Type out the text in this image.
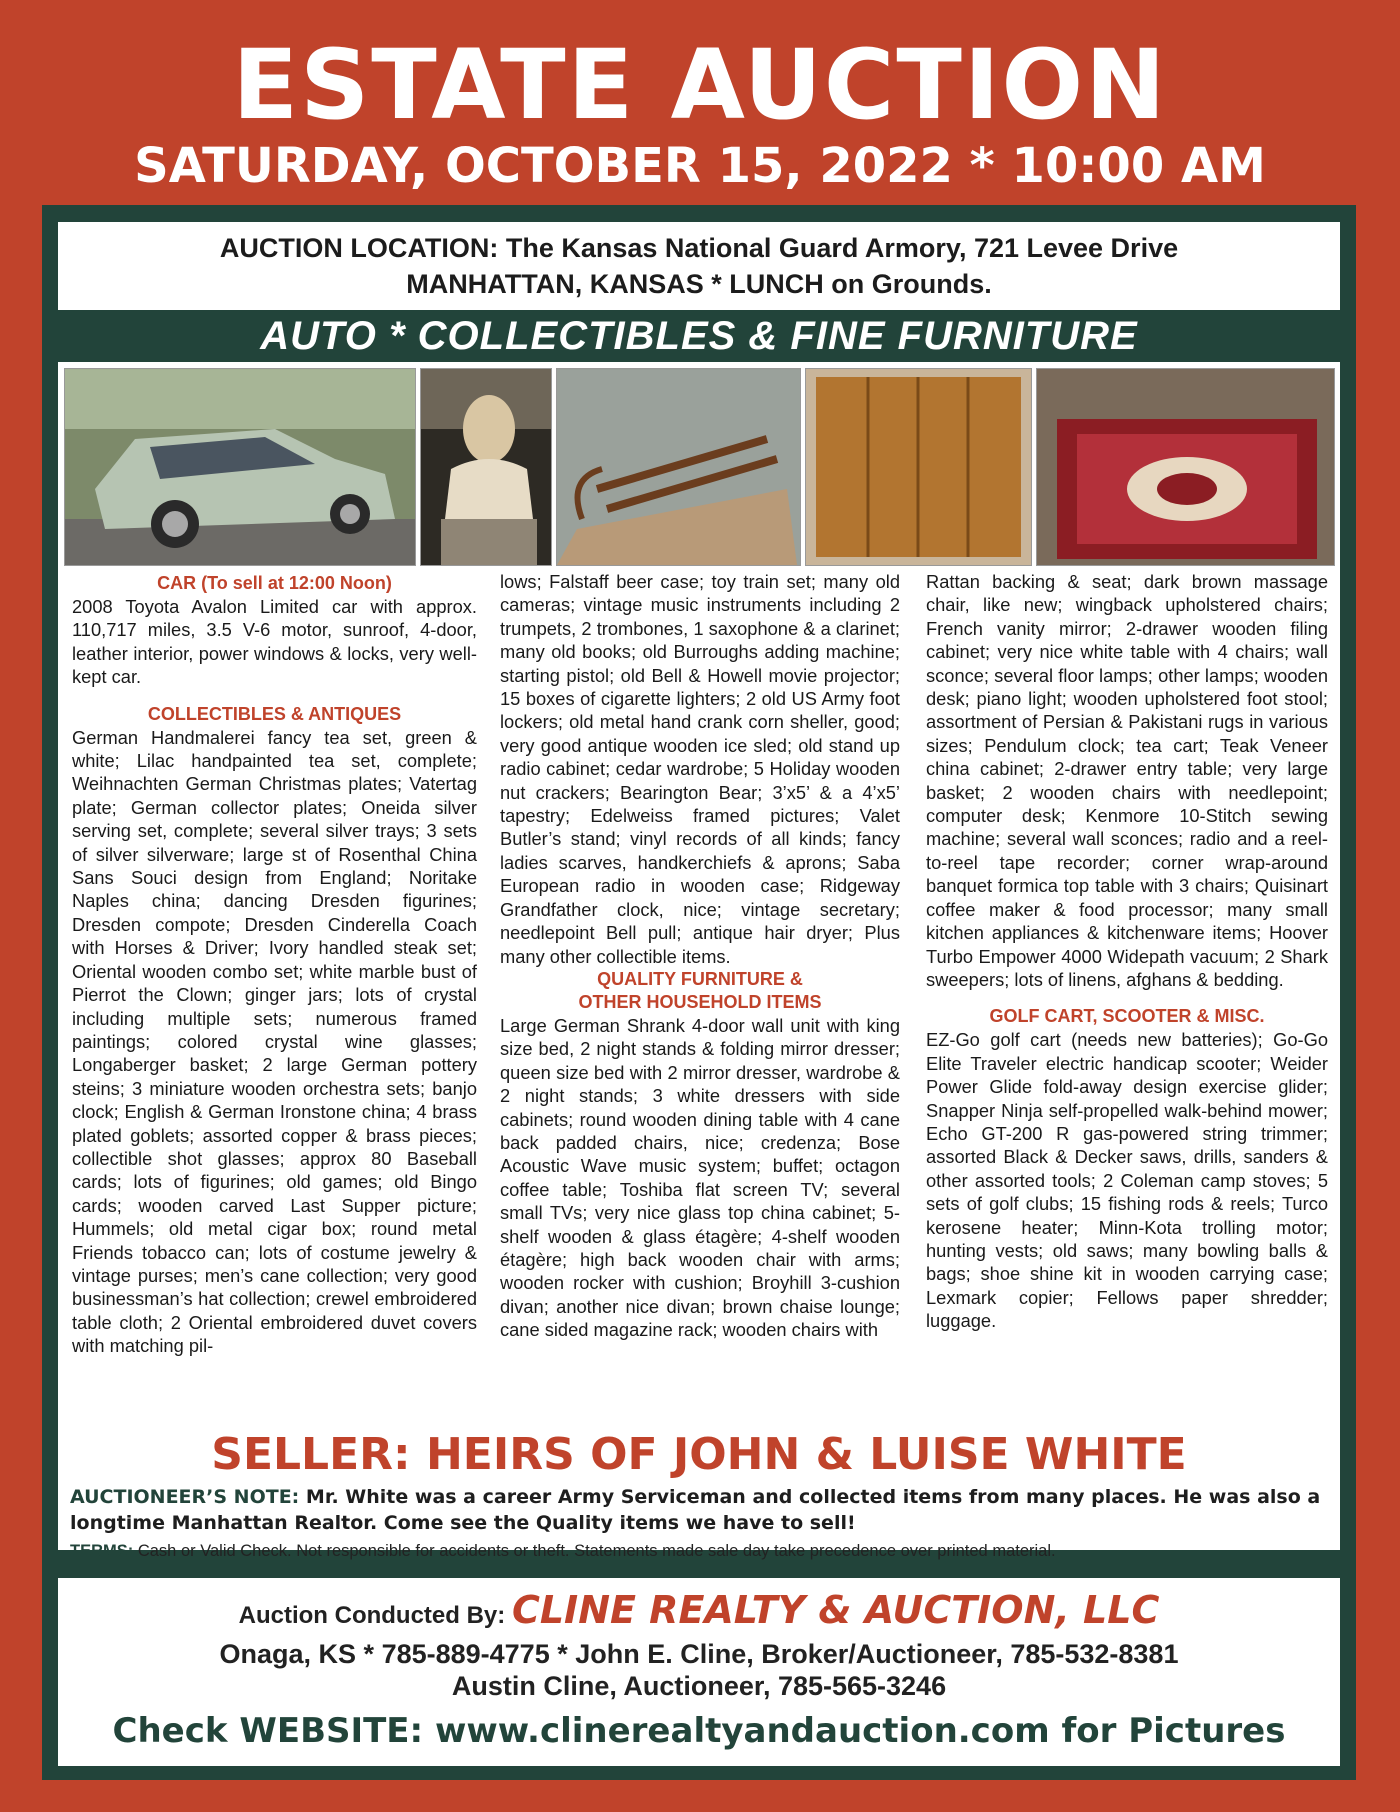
ESTATE AUCTION
SATURDAY, OCTOBER 15, 2022 * 10:00 AM
AUCTION LOCATION: The Kansas National Guard Armory, 721 Levee Drive
MANHATTAN, KANSAS * LUNCH on Grounds.
AUTO * COLLECTIBLES & FINE FURNITURE
CAR (To sell at 12:00 Noon)

2008 Toyota Avalon Limited car with approx. 110,717 miles, 3.5 V-6 motor, sunroof, 4-door, leather interior, power windows & locks, very well-kept car.

COLLECTIBLES & ANTIQUES

German Handmalerei fancy tea set, green & white; Lilac handpainted tea set, complete; Weihnachten German Christmas plates; Vatertag plate; German collector plates; Oneida silver serving set, complete; several silver trays; 3 sets of silver silverware; large st of Rosenthal China Sans Souci design from England; Noritake Naples china; dancing Dresden figurines; Dresden compote; Dresden Cinderella Coach with Horses & Driver; Ivory handled steak set; Oriental wooden combo set; white marble bust of Pierrot the Clown; ginger jars; lots of crystal including multiple sets; numerous framed paintings; colored crystal wine glasses; Longaberger basket; 2 large German pottery steins; 3 miniature wooden orchestra sets; banjo clock; English & German Ironstone china; 4 brass plated goblets; assorted copper & brass pieces; collectible shot glasses; approx 80 Baseball cards; lots of figurines; old games; old Bingo cards; wooden carved Last Supper picture; Hummels; old metal cigar box; round metal Friends tobacco can; lots of costume jewelry & vintage purses; men’s cane collection; very good businessman’s hat collection; crewel embroidered table cloth; 2 Oriental embroidered duvet covers with matching pil-

lows; Falstaff beer case; toy train set; many old cameras; vintage music instruments including 2 trumpets, 2 trombones, 1 saxophone & a clarinet; many old books; old Burroughs adding machine; starting pistol; old Bell & Howell movie projector; 15 boxes of cigarette lighters; 2 old US Army foot lockers; old metal hand crank corn sheller, good; very good antique wooden ice sled; old stand up radio cabinet; cedar wardrobe; 5 Holiday wooden nut crackers; Bearington Bear; 3’x5’ & a 4’x5’ tapestry; Edelweiss framed pictures; Valet Butler’s stand; vinyl records of all kinds; fancy ladies scarves, handkerchiefs & aprons; Saba European radio in wooden case; Ridgeway Grandfather clock, nice; vintage secretary; needlepoint Bell pull; antique hair dryer; Plus many other collectible items.

QUALITY FURNITURE &
OTHER HOUSEHOLD ITEMS

Large German Shrank 4-door wall unit with king size bed, 2 night stands & folding mirror dresser; queen size bed with 2 mirror dresser, wardrobe & 2 night stands; 3 white dressers with side cabinets; round wooden dining table with 4 cane back padded chairs, nice; credenza; Bose Acoustic Wave music system; buffet; octagon coffee table; Toshiba flat screen TV; several small TVs; very nice glass top china cabinet; 5-shelf wooden & glass étagère; 4-shelf wooden étagère; high back wooden chair with arms; wooden rocker with cushion; Broyhill 3-cushion divan; another nice divan; brown chaise lounge; cane sided magazine rack; wooden chairs with

Rattan backing & seat; dark brown massage chair, like new; wingback upholstered chairs; French vanity mirror; 2-drawer wooden filing cabinet; very nice white table with 4 chairs; wall sconce; several floor lamps; other lamps; wooden desk; piano light; wooden upholstered foot stool; assortment of Persian & Pakistani rugs in various sizes; Pendulum clock; tea cart; Teak Veneer china cabinet; 2-drawer entry table; very large basket; 2 wooden chairs with needlepoint; computer desk; Kenmore 10-Stitch sewing machine; several wall sconces; radio and a reel-to-reel tape recorder; corner wrap-around banquet formica top table with 3 chairs; Quisinart coffee maker & food processor; many small kitchen appliances & kitchenware items; Hoover Turbo Empower 4000 Widepath vacuum; 2 Shark sweepers; lots of linens, afghans & bedding.

GOLF CART, SCOOTER & MISC.

EZ-Go golf cart (needs new batteries); Go-Go Elite Traveler electric handicap scooter; Weider Power Glide fold-away design exercise glider; Snapper Ninja self-propelled walk-behind mower; Echo GT-200 R gas-powered string trimmer; assorted Black & Decker saws, drills, sanders & other assorted tools; 2 Coleman camp stoves; 5 sets of golf clubs; 15 fishing rods & reels; Turco kerosene heater; Minn-Kota trolling motor; hunting vests; old saws; many bowling balls & bags; shoe shine kit in wooden carrying case; Lexmark copier; Fellows paper shredder; luggage.

SELLER: HEIRS OF JOHN & LUISE WHITE
AUCTIONEER’S NOTE: Mr. White was a career Army Serviceman and collected items from many places. He was also a longtime Manhattan Realtor. Come see the Quality items we have to sell!
TERMS: Cash or Valid Check. Not responsible for accidents or theft. Statements made sale day take precedence over printed material.
Auction Conducted By: CLINE REALTY & AUCTION, LLC
Onaga, KS * 785-889-4775 * John E. Cline, Broker/Auctioneer, 785-532-8381
Austin Cline, Auctioneer, 785-565-3246
Check WEBSITE: www.clinerealtyandauction.com for Pictures
